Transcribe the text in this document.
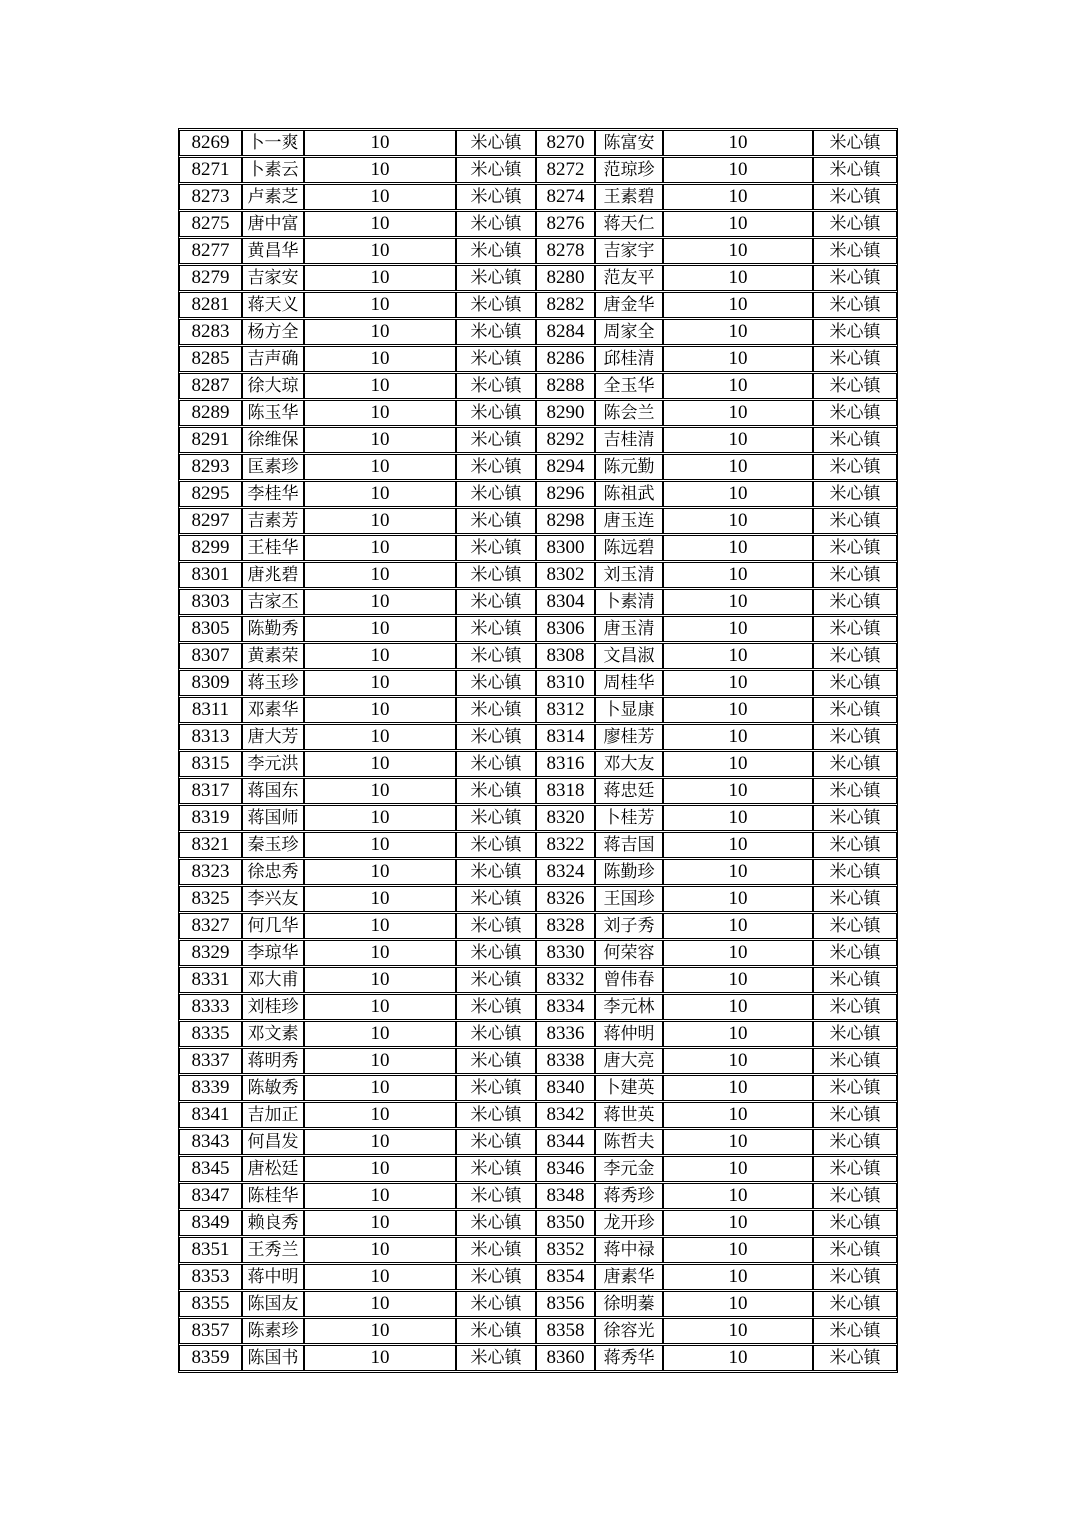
8269	卜一爽	10	米心镇	8270	陈富安	10	米心镇
8271	卜素云	10	米心镇	8272	范琼珍	10	米心镇
8273	卢素芝	10	米心镇	8274	王素碧	10	米心镇
8275	唐中富	10	米心镇	8276	蒋天仁	10	米心镇
8277	黄昌华	10	米心镇	8278	吉家宇	10	米心镇
8279	吉家安	10	米心镇	8280	范友平	10	米心镇
8281	蒋天义	10	米心镇	8282	唐金华	10	米心镇
8283	杨方全	10	米心镇	8284	周家全	10	米心镇
8285	吉声确	10	米心镇	8286	邱桂清	10	米心镇
8287	徐大琼	10	米心镇	8288	全玉华	10	米心镇
8289	陈玉华	10	米心镇	8290	陈会兰	10	米心镇
8291	徐维保	10	米心镇	8292	吉桂清	10	米心镇
8293	匡素珍	10	米心镇	8294	陈元勤	10	米心镇
8295	李桂华	10	米心镇	8296	陈祖武	10	米心镇
8297	吉素芳	10	米心镇	8298	唐玉连	10	米心镇
8299	王桂华	10	米心镇	8300	陈远碧	10	米心镇
8301	唐兆碧	10	米心镇	8302	刘玉清	10	米心镇
8303	吉家丕	10	米心镇	8304	卜素清	10	米心镇
8305	陈勤秀	10	米心镇	8306	唐玉清	10	米心镇
8307	黄素荣	10	米心镇	8308	文昌淑	10	米心镇
8309	蒋玉珍	10	米心镇	8310	周桂华	10	米心镇
8311	邓素华	10	米心镇	8312	卜显康	10	米心镇
8313	唐大芳	10	米心镇	8314	廖桂芳	10	米心镇
8315	李元洪	10	米心镇	8316	邓大友	10	米心镇
8317	蒋国东	10	米心镇	8318	蒋忠廷	10	米心镇
8319	蒋国师	10	米心镇	8320	卜桂芳	10	米心镇
8321	秦玉珍	10	米心镇	8322	蒋吉国	10	米心镇
8323	徐忠秀	10	米心镇	8324	陈勤珍	10	米心镇
8325	李兴友	10	米心镇	8326	王国珍	10	米心镇
8327	何几华	10	米心镇	8328	刘子秀	10	米心镇
8329	李琼华	10	米心镇	8330	何荣容	10	米心镇
8331	邓大甫	10	米心镇	8332	曾伟春	10	米心镇
8333	刘桂珍	10	米心镇	8334	李元林	10	米心镇
8335	邓文素	10	米心镇	8336	蒋仲明	10	米心镇
8337	蒋明秀	10	米心镇	8338	唐大亮	10	米心镇
8339	陈敏秀	10	米心镇	8340	卜建英	10	米心镇
8341	吉加正	10	米心镇	8342	蒋世英	10	米心镇
8343	何昌发	10	米心镇	8344	陈哲夫	10	米心镇
8345	唐松廷	10	米心镇	8346	李元金	10	米心镇
8347	陈桂华	10	米心镇	8348	蒋秀珍	10	米心镇
8349	赖良秀	10	米心镇	8350	龙开珍	10	米心镇
8351	王秀兰	10	米心镇	8352	蒋中禄	10	米心镇
8353	蒋中明	10	米心镇	8354	唐素华	10	米心镇
8355	陈国友	10	米心镇	8356	徐明蓁	10	米心镇
8357	陈素珍	10	米心镇	8358	徐容光	10	米心镇
8359	陈国书	10	米心镇	8360	蒋秀华	10	米心镇
